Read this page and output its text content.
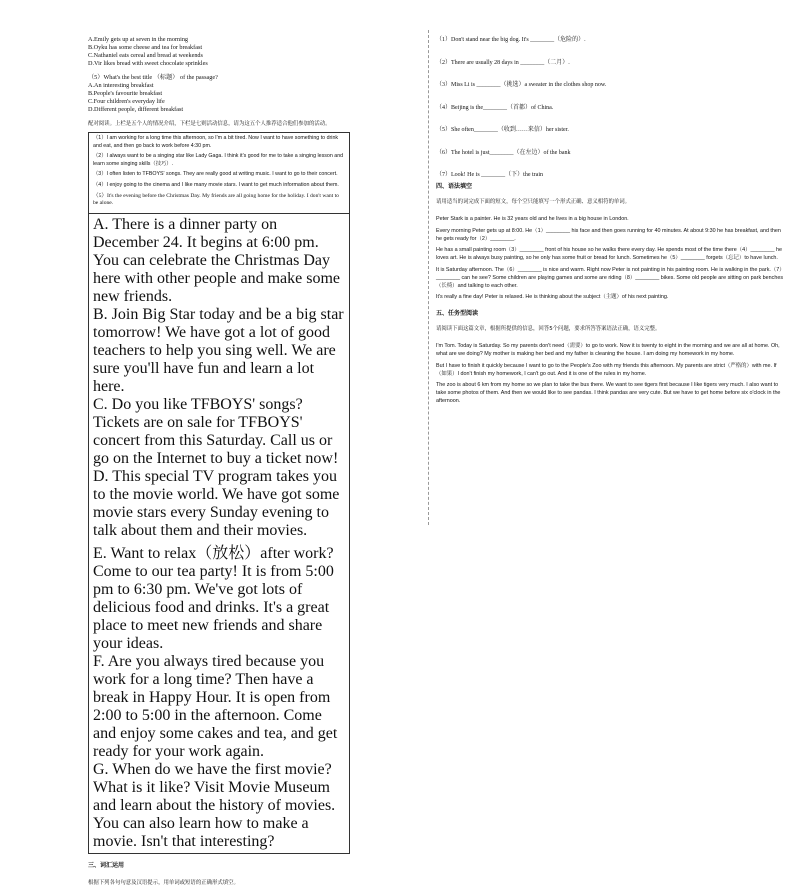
A.Emily gets up at seven in the morning
B.Oyku has some cheese and tea for breakfast
C.Nathaniel eats cereal and bread at weekends
D.Vir likes bread with sweet chocolate sprinkles
（5）What's the best title （标题） of the passage?
A.An interesting breakfast
B.People's favourite breakfast
C.Four children's everyday life
D.Different people, different breakfast
配对阅读。上栏是五个人的情况介绍，下栏是七则活动信息，请为这五个人推荐适合他们参加的活动。
（1）I am working for a long time this afternoon, so I'm a bit tired. Now I want to have something to drink and eat, and then go back to work before 4:30 pm.
（2）I always want to be a singing star like Lady Gaga. I think it's good for me to take a singing lesson and learn some singing skills（技巧）.
（3）I often listen to TFBOYS' songs. They are really good at writing music. I want to go to their concert.
（4）I enjoy going to the cinema and I like many movie stars. I want to get much information about them.
（5）It's the evening before the Christmas Day. My friends are all going home for the holiday. I don't want to be alone.
A. There is a dinner party on December 24. It begins at 6:00 pm. You can celebrate the Christmas Day here with other people and make some new friends.
B. Join Big Star today and be a big star tomorrow! We have got a lot of good teachers to help you sing well. We are sure you'll have fun and learn a lot here.
C. Do you like TFBOYS' songs? Tickets are on sale for TFBOYS' concert from this Saturday. Call us or go on the Internet to buy a ticket now!
D. This special TV program takes you to the movie world. We have got some movie stars every Sunday evening to talk about them and their movies.
E. Want to relax（放松）after work? Come to our tea party! It is from 5:00 pm to 6:30 pm. We've got lots of delicious food and drinks. It's a great place to meet new friends and share your ideas.
F. Are you always tired because you work for a long time? Then have a break in Happy Hour. It is open from 2:00 to 5:00 in the afternoon. Come and enjoy some cakes and tea, and get ready for your work again.
G. When do we have the first movie? What is it like? Visit Movie Museum and learn about the history of movies. You can also learn how to make a movie. Isn't that interesting?
三、词汇运用
根据下列各句句意及汉语提示，用单词或短语的正确形式填空。
（1）Don't stand near the big dog. It's ________（危险的）.
（2）There are usually 28 days in ________（二月）.
（3）Miss Li is ________（挑选）a sweater in the clothes shop now.
（4）Beijing is the________（首都）of China.
（5）She often________（收到……来信）her sister.
（6）The hotel is just________（在左边）of the bank
（7）Look! He is ________（下）the train
四、语法填空
请用适当的词完成下面的短文，每个空只能填写一个形式正确、意义相符的单词。
Peter Stark is a painter. He is 32 years old and he lives in a big house in London.
Every morning Peter gets up at 8:00. He（1）________ his face and then goes running for 40 minutes. At about 9:30 he has breakfast, and then he gets ready for（2）________.
He has a small painting room（3）________ front of his house so he walks there every day. He spends most of the time there（4）________ he loves art. He is always busy painting, so he only has some fruit or bread for lunch. Sometimes he（5）________ forgets（忘记）to have lunch.
It is Saturday afternoon. The（6）________ is nice and warm. Right now Peter is not painting in his painting room. He is walking in the park.（7）________ can he see? Some children are playing games and some are riding（8）________ bikes. Some old people are sitting on park benches（长椅）and talking to each other.
It's really a fine day! Peter is relaxed. He is thinking about the subject（主题）of his next painting.
五、任务型阅读
请阅读下面这篇文章，根据所提供的信息，回答5个问题，要求所答答案语法正确，语义完整。
I'm Tom. Today is Saturday. So my parents don't need（需要）to go to work. Now it is twenty to eight in the morning and we are all at home. Oh, what are we doing? My mother is making her bed and my father is cleaning the house. I am doing my homework in my home.
But I have to finish it quickly because I want to go to the People's Zoo with my friends this afternoon. My parents are strict（严格的）with me. If（如果）I don't finish my homework, I can't go out. And it is one of the rules in my home.
The zoo is about 6 km from my home so we plan to take the bus there. We want to see tigers first because I like tigers very much. I also want to take some photos of them. And then we would like to see pandas. I think pandas are very cute. But we have to get home before six o'clock in the afternoon.
